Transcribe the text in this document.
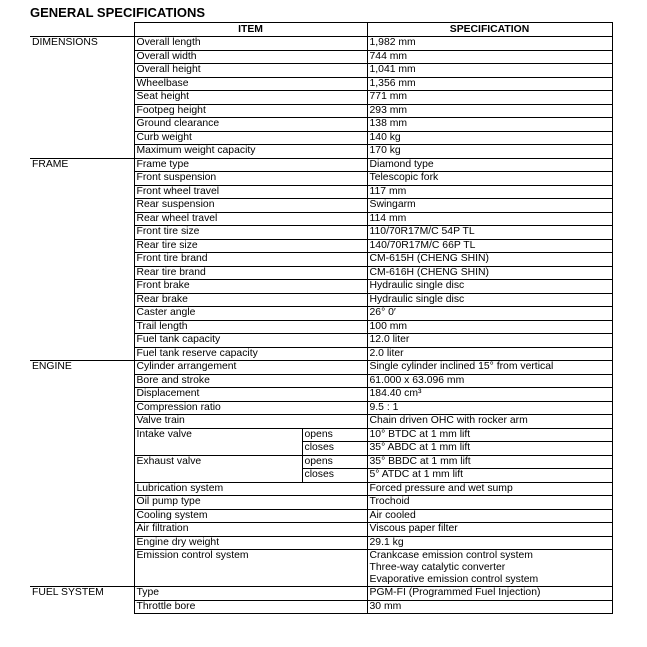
GENERAL SPECIFICATIONS
	ITEM		SPECIFICATION
DIMENSIONS	Overall length		1,982 mm
	Overall width		744 mm
	Overall height		1,041 mm
	Wheelbase		1,356 mm
	Seat height		771 mm
	Footpeg height		293 mm
	Ground clearance		138 mm
	Curb weight		140 kg
	Maximum weight capacity		170 kg
FRAME	Frame type		Diamond type
	Front suspension		Telescopic fork
	Front wheel travel		117 mm
	Rear suspension		Swingarm
	Rear wheel travel		114 mm
	Front tire size		110/70R17M/C 54P TL
	Rear tire size		140/70R17M/C 66P TL
	Front tire brand		CM-615H (CHENG SHIN)
	Rear tire brand		CM-616H (CHENG SHIN)
	Front brake		Hydraulic single disc
	Rear brake		Hydraulic single disc
	Caster angle		26° 0′
	Trail length		100 mm
	Fuel tank capacity		12.0 liter
	Fuel tank reserve capacity		2.0 liter
ENGINE	Cylinder arrangement		Single cylinder inclined 15° from vertical
	Bore and stroke		61.000 x 63.096 mm
	Displacement		184.40 cm³
	Compression ratio		9.5 : 1
	Valve train		Chain driven OHC with rocker arm
	Intake valve	opens	10° BTDC at 1 mm lift
		closes	35° ABDC at 1 mm lift
	Exhaust valve	opens	35° BBDC at 1 mm lift
		closes	5° ATDC at 1 mm lift
	Lubrication system		Forced pressure and wet sump
	Oil pump type		Trochoid
	Cooling system		Air cooled
	Air filtration		Viscous paper filter
	Engine dry weight		29.1 kg
	Emission control system		Crankcase emission control system
Three-way catalytic converter
Evaporative emission control system

FUEL SYSTEM	Type		PGM-FI (Programmed Fuel Injection)
	Throttle bore		30 mm
